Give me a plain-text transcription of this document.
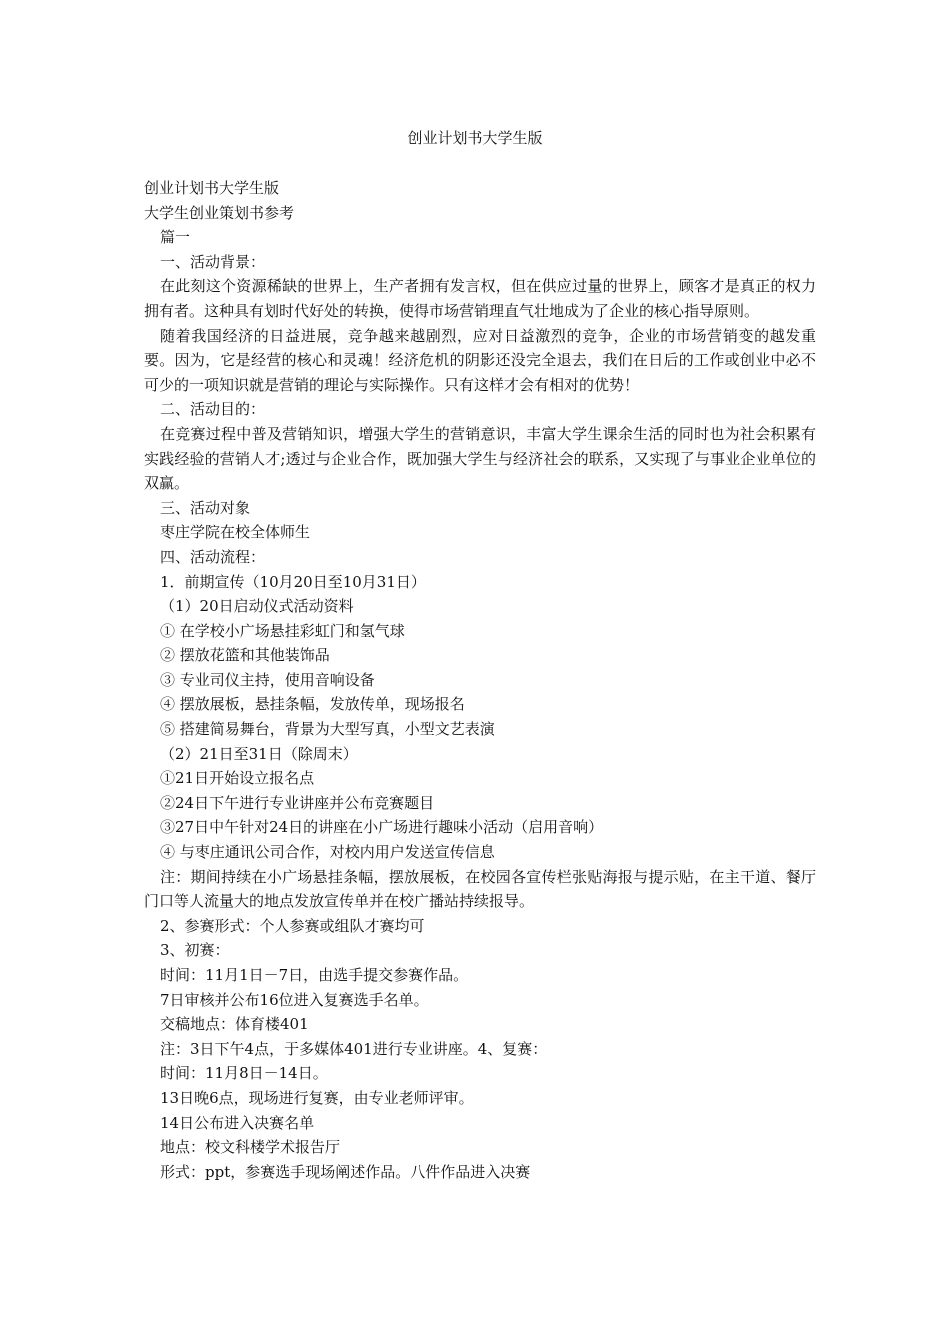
创业计划书大学生版

创业计划书大学生版

大学生创业策划书参考

篇一

一、活动背景：

在此刻这个资源稀缺的世界上，生产者拥有发言权，但在供应过量的世界上，顾客才是真正的权力拥有者。这种具有划时代好处的转换，使得市场营销理直气壮地成为了企业的核心指导原则。

随着我国经济的日益进展，竞争越来越剧烈，应对日益激烈的竞争，企业的市场营销变的越发重要。因为，它是经营的核心和灵魂！经济危机的阴影还没完全退去，我们在日后的工作或创业中必不可少的一项知识就是营销的理论与实际操作。只有这样才会有相对的优势！

二、活动目的：

在竞赛过程中普及营销知识，增强大学生的营销意识，丰富大学生课余生活的同时也为社会积累有实践经验的营销人才;透过与企业合作，既加强大学生与经济社会的联系，又实现了与事业企业单位的双赢。

三、活动对象

枣庄学院在校全体师生

四、活动流程：

1．前期宣传（10月20日至10月31日）

（1）20日启动仪式活动资料

① 在学校小广场悬挂彩虹门和氢气球

② 摆放花篮和其他装饰品

③ 专业司仪主持，使用音响设备

④ 摆放展板，悬挂条幅，发放传单，现场报名

⑤ 搭建简易舞台，背景为大型写真，小型文艺表演

（2）21日至31日（除周末）

①21日开始设立报名点

②24日下午进行专业讲座并公布竞赛题目

③27日中午针对24日的讲座在小广场进行趣味小活动（启用音响）

④ 与枣庄通讯公司合作，对校内用户发送宣传信息

注：期间持续在小广场悬挂条幅，摆放展板，在校园各宣传栏张贴海报与提示贴，在主干道、餐厅门口等人流量大的地点发放宣传单并在校广播站持续报导。

2、参赛形式：个人参赛或组队才赛均可

3、初赛：

时间：11月1日－7日，由选手提交参赛作品。

7日审核并公布16位进入复赛选手名单。

交稿地点：体育楼401

注：3日下午4点，于多媒体401进行专业讲座。4、复赛：

时间：11月8日－14日。

13日晚6点，现场进行复赛，由专业老师评审。

14日公布进入决赛名单

地点：校文科楼学术报告厅

形式：ppt，参赛选手现场阐述作品。八件作品进入决赛
